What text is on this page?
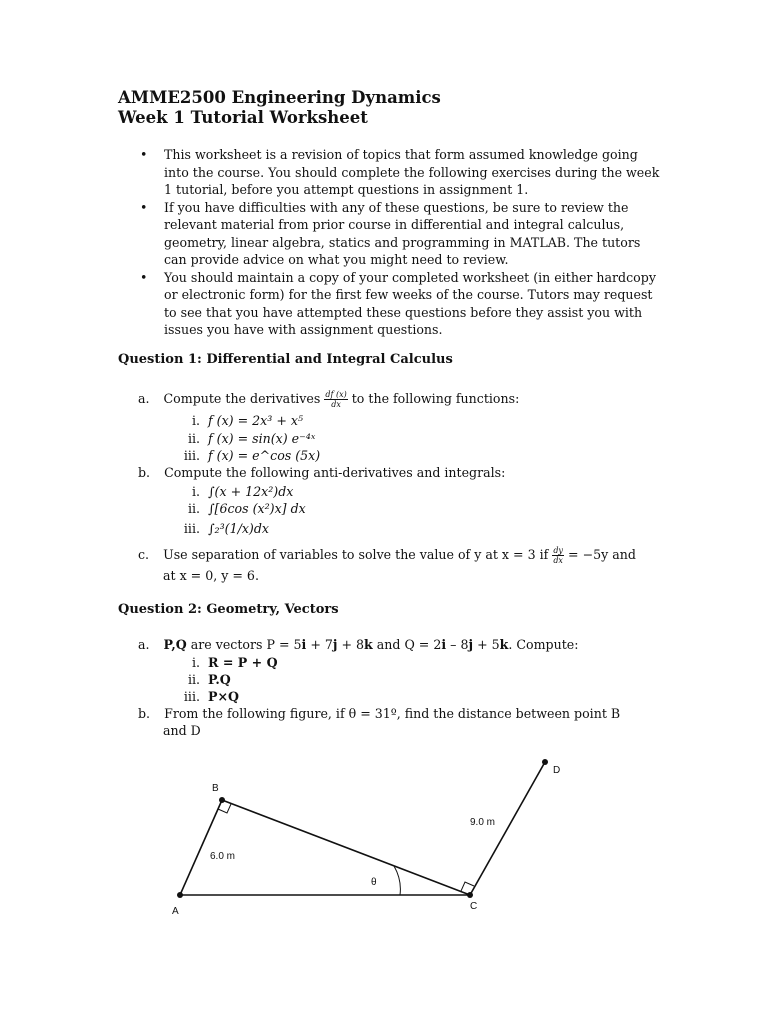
AMME2500 Engineering Dynamics
Week 1 Tutorial Worksheet
• This worksheet is a revision of topics that form assumed knowledge going into the course. You should complete the following exercises during the week 1 tutorial, before you attempt questions in assignment 1.
• If you have difficulties with any of these questions, be sure to review the relevant material from prior course in differential and integral calculus, geometry, linear algebra, statics and programming in MATLAB. The tutors can provide advice on what you might need to review.
• You should maintain a copy of your completed worksheet (in either hardcopy or electronic form) for the first few weeks of the course. Tutors may request to see that you have attempted these questions before they assist you with issues you have with assignment questions.
Question 1: Differential and Integral Calculus
a. Compute the derivatives $\frac{df (x)}{dx}$ to the following functions:
i. f (x) = 2x³ + x⁵
ii. f (x) = sin(x) e⁻⁴ˣ
iii. f (x) = e^cos (5x)
b. Compute the following anti-derivatives and integrals:
i. ∫(x + 12x²)dx
ii. ∫[6cos (x²)x] dx
iii. ∫₂³(1/x)dx
c. Use separation of variables to solve the value of y at x = 3 if $\frac{dy}{dx} = -5y$ and
at x = 0, y = 6.
Question 2: Geometry, Vectors
a. P,Q are vectors P = 5i + 7j + 8k and Q = 2i – 8j + 5k. Compute:
i. R = P + Q
ii. P.Q
iii. P×Q
b. From the following figure, if θ = 31º, find the distance between point B
and D
A
B
C
D
6.0 m
9.0 m
θ
